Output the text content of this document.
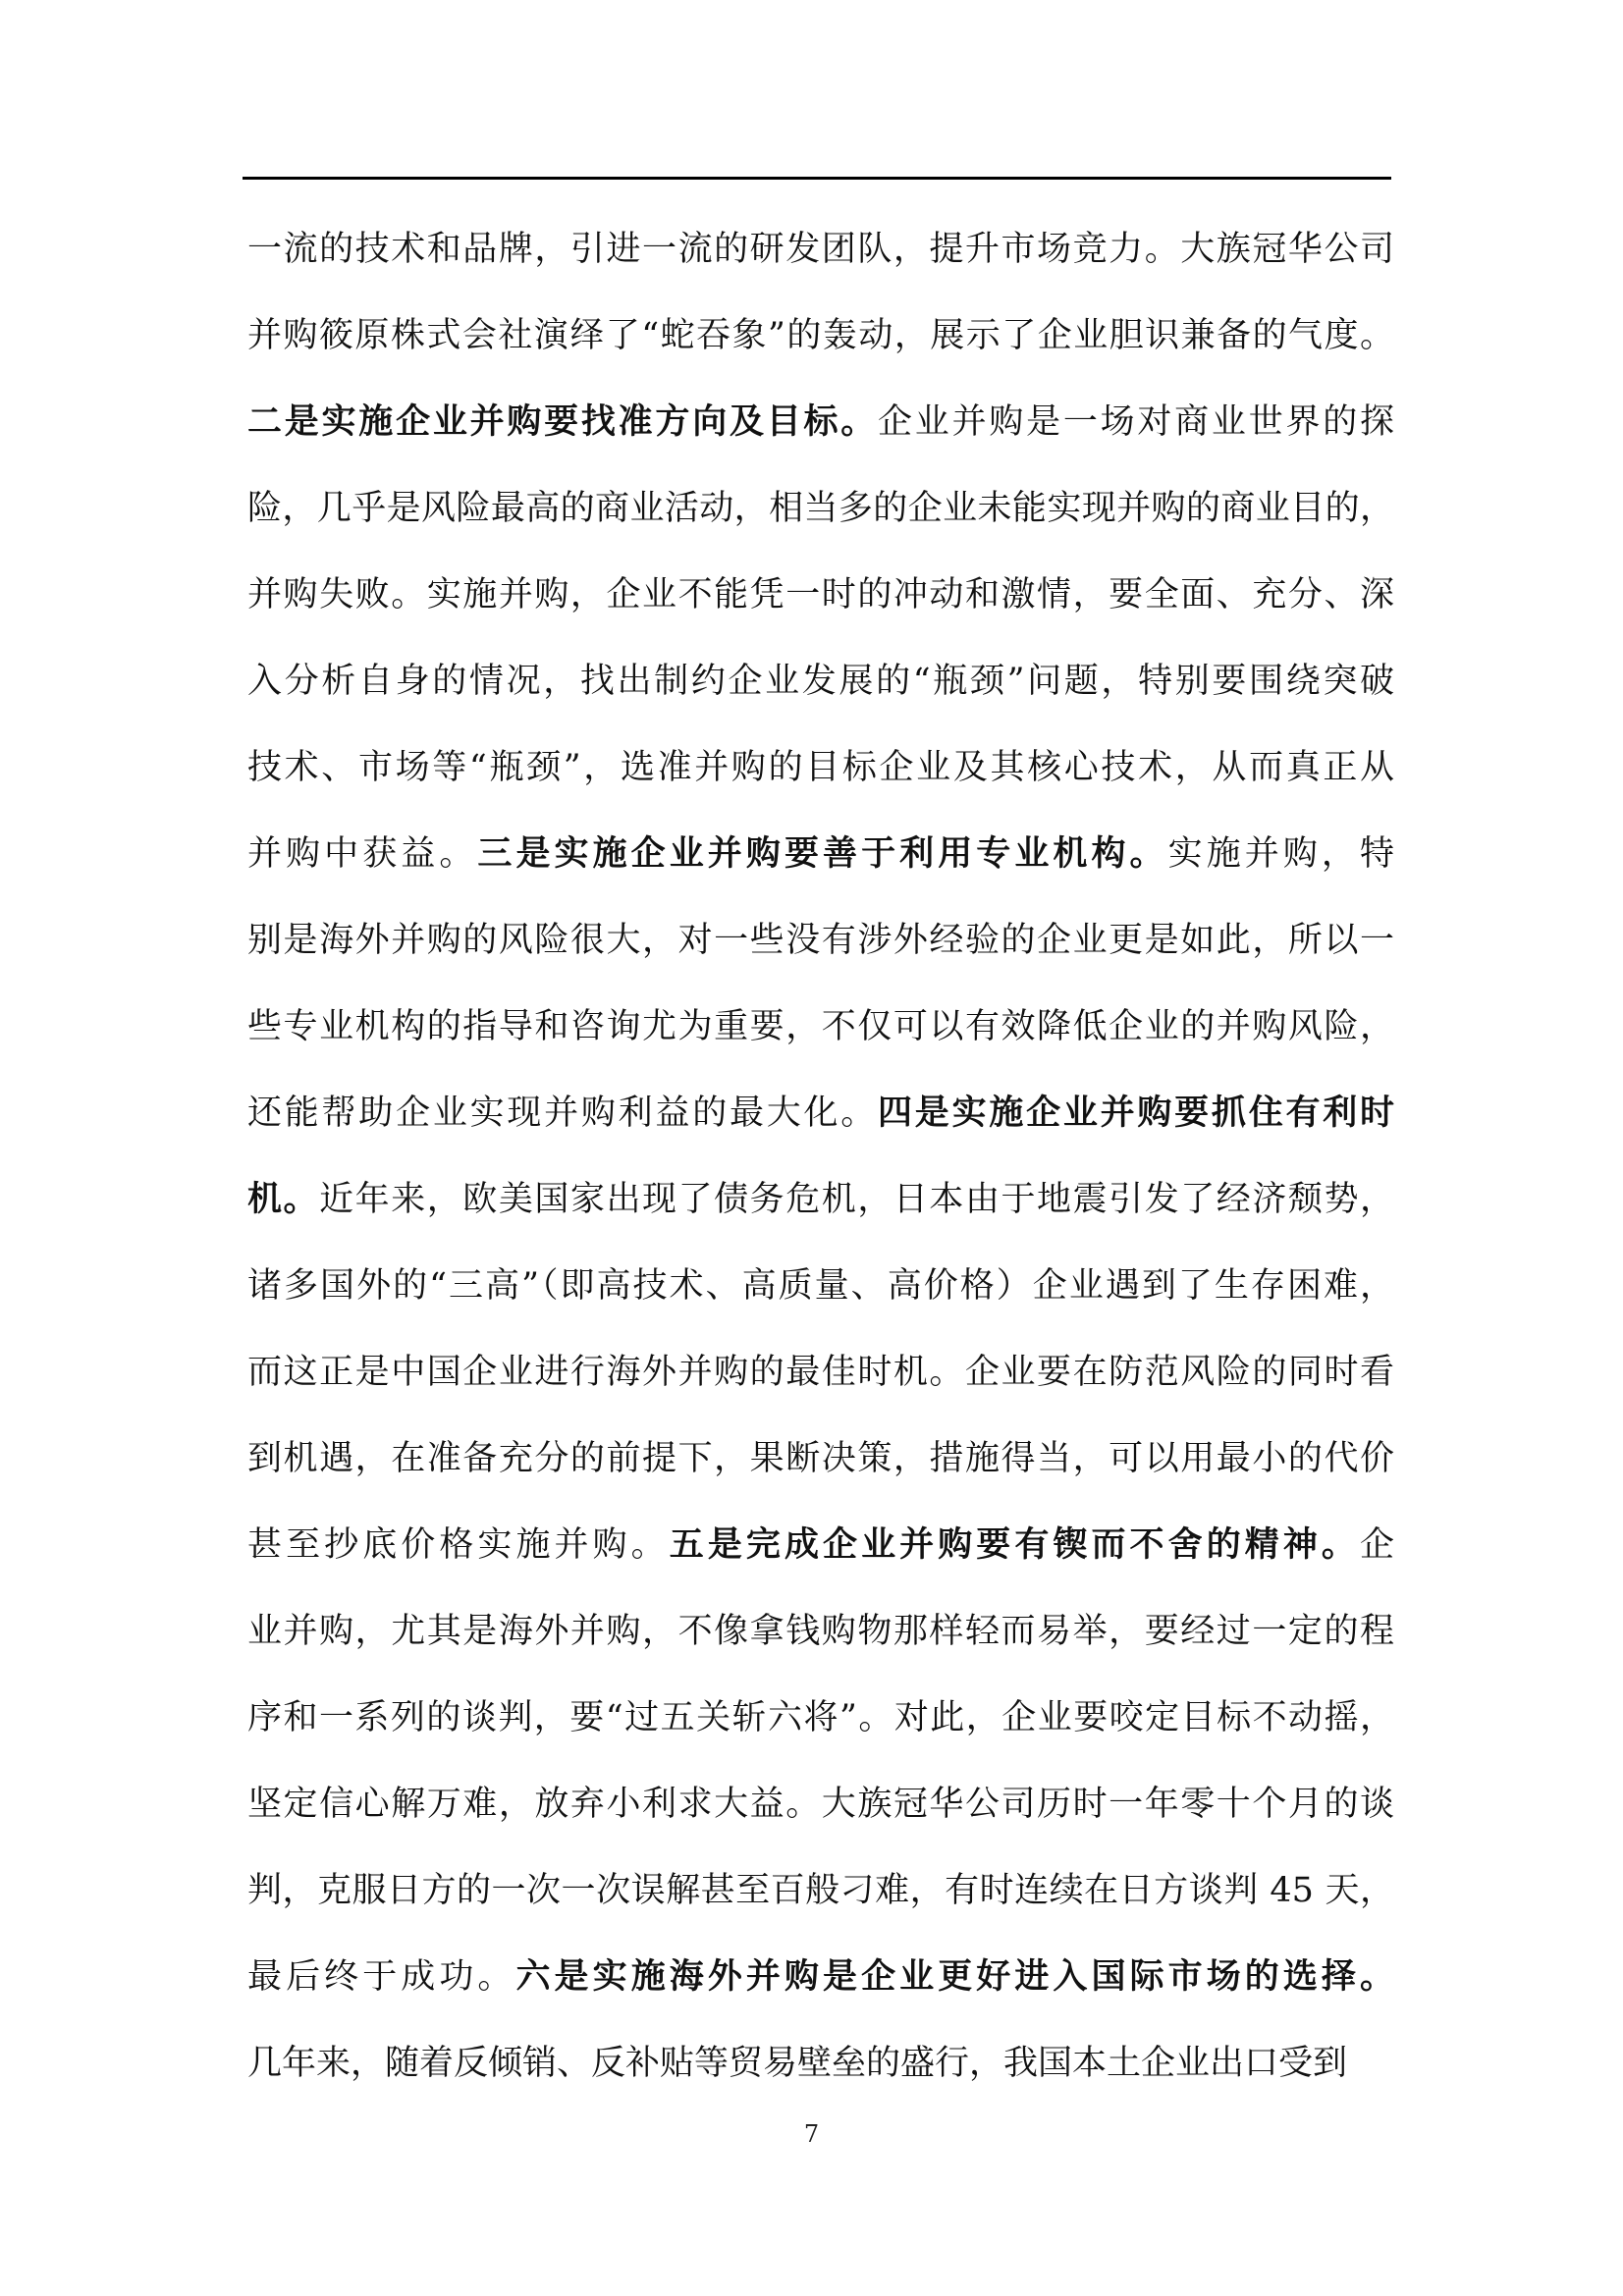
一流的技术和品牌，引进一流的研发团队，提升市场竞力。大族冠华公司
并购筱原株式会社演绎了“蛇吞象”的轰动，展示了企业胆识兼备的气度。
二是实施企业并购要找准方向及目标。企业并购是一场对商业世界的探
险，几乎是风险最高的商业活动，相当多的企业未能实现并购的商业目的，
并购失败。实施并购，企业不能凭一时的冲动和激情，要全面、充分、深
入分析自身的情况，找出制约企业发展的“瓶颈”问题，特别要围绕突破
技术、市场等“瓶颈”，选准并购的目标企业及其核心技术，从而真正从
并购中获益。三是实施企业并购要善于利用专业机构。实施并购，特
别是海外并购的风险很大，对一些没有涉外经验的企业更是如此，所以一
些专业机构的指导和咨询尤为重要，不仅可以有效降低企业的并购风险，
还能帮助企业实现并购利益的最大化。四是实施企业并购要抓住有利时
机。近年来，欧美国家出现了债务危机，日本由于地震引发了经济颓势，
诸多国外的“三高”（即高技术、高质量、高价格）企业遇到了生存困难，
而这正是中国企业进行海外并购的最佳时机。企业要在防范风险的同时看
到机遇，在准备充分的前提下，果断决策，措施得当，可以用最小的代价
甚至抄底价格实施并购。五是完成企业并购要有锲而不舍的精神。企
业并购，尤其是海外并购，不像拿钱购物那样轻而易举，要经过一定的程
序和一系列的谈判，要“过五关斩六将”。对此，企业要咬定目标不动摇，
坚定信心解万难，放弃小利求大益。大族冠华公司历时一年零十个月的谈
判，克服日方的一次一次误解甚至百般刁难，有时连续在日方谈判 45 天，
最后终于成功。六是实施海外并购是企业更好进入国际市场的选择。
几年来，随着反倾销、反补贴等贸易壁垒的盛行，我国本土企业出口受到
7
